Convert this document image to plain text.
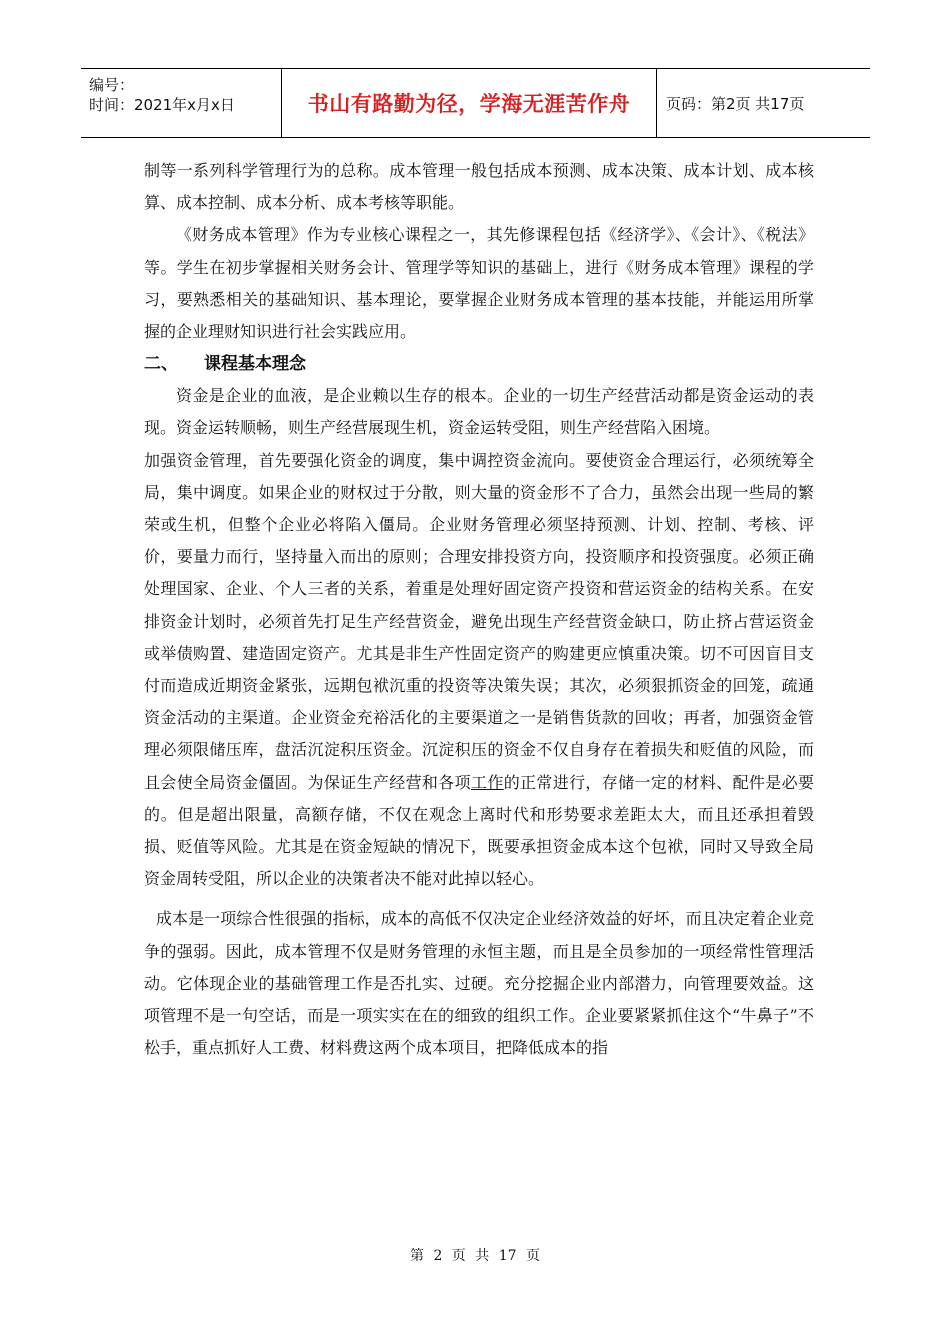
编号：
时间：2021年x月x日	书山有路勤为径，学海无涯苦作舟	页码：第2页 共17页

制等一系列科学管理行为的总称。成本管理一般包括成本预测、成本决策、成本计划、成本核算、成本控制、成本分析、成本考核等职能。

《财务成本管理》作为专业核心课程之一，其先修课程包括《经济学》、《会计》、《税法》等。学生在初步掌握相关财务会计、管理学等知识的基础上，进行《财务成本管理》课程的学习，要熟悉相关的基础知识、基本理论，要掌握企业财务成本管理的基本技能，并能运用所掌握的企业理财知识进行社会实践应用。

二、 课程基本理念

资金是企业的血液，是企业赖以生存的根本。企业的一切生产经营活动都是资金运动的表现。资金运转顺畅，则生产经营展现生机，资金运转受阻，则生产经营陷入困境。

加强资金管理，首先要强化资金的调度，集中调控资金流向。要使资金合理运行，必须统筹全局，集中调度。如果企业的财权过于分散，则大量的资金形不了合力，虽然会出现一些局的繁荣或生机，但整个企业必将陷入僵局。企业财务管理必须坚持预测、计划、控制、考核、评价，要量力而行，坚持量入而出的原则；合理安排投资方向，投资顺序和投资强度。必须正确处理国家、企业、个人三者的关系，着重是处理好固定资产投资和营运资金的结构关系。在安排资金计划时，必须首先打足生产经营资金，避免出现生产经营资金缺口，防止挤占营运资金或举债购置、建造固定资产。尤其是非生产性固定资产的购建更应慎重决策。切不可因盲目支付而造成近期资金紧张，远期包袱沉重的投资等决策失误；其次，必须狠抓资金的回笼，疏通资金活动的主渠道。企业资金充裕活化的主要渠道之一是销售货款的回收；再者，加强资金管理必须限储压库，盘活沉淀积压资金。沉淀积压的资金不仅自身存在着损失和贬值的风险，而且会使全局资金僵固。为保证生产经营和各项工作的正常进行，存储一定的材料、配件是必要的。但是超出限量，高额存储，不仅在观念上离时代和形势要求差距太大，而且还承担着毁损、贬值等风险。尤其是在资金短缺的情况下，既要承担资金成本这个包袱，同时又导致全局资金周转受阻，所以企业的决策者决不能对此掉以轻心。

成本是一项综合性很强的指标，成本的高低不仅决定企业经济效益的好坏，而且决定着企业竞争的强弱。因此，成本管理不仅是财务管理的永恒主题，而且是全员参加的一项经常性管理活动。它体现企业的基础管理工作是否扎实、过硬。充分挖掘企业内部潜力，向管理要效益。这项管理不是一句空话，而是一项实实在在的细致的组织工作。企业要紧紧抓住这个“牛鼻子”不松手，重点抓好人工费、材料费这两个成本项目，把降低成本的指

第 2 页 共 17 页
